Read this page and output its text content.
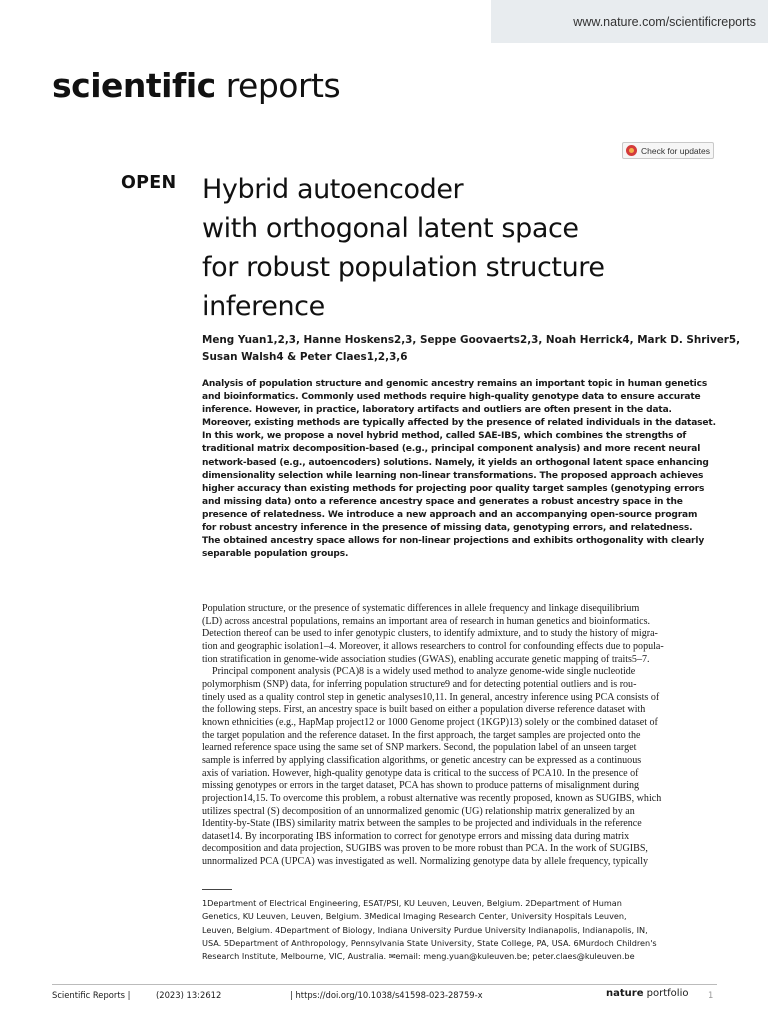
www.nature.com/scientificreports
scientific reports
Check for updates
OPEN Hybrid autoencoder
with orthogonal latent space
for robust population structure
inference
Meng Yuan1,2,3, Hanne Hoskens2,3, Seppe Goovaerts2,3, Noah Herrick4, Mark D. Shriver5,
Susan Walsh4 & Peter Claes1,2,3,6
Analysis of population structure and genomic ancestry remains an important topic in human genetics
and bioinformatics. Commonly used methods require high-quality genotype data to ensure accurate
inference. However, in practice, laboratory artifacts and outliers are often present in the data.
Moreover, existing methods are typically affected by the presence of related individuals in the dataset.
In this work, we propose a novel hybrid method, called SAE-IBS, which combines the strengths of
traditional matrix decomposition-based (e.g., principal component analysis) and more recent neural
network-based (e.g., autoencoders) solutions. Namely, it yields an orthogonal latent space enhancing
dimensionality selection while learning non-linear transformations. The proposed approach achieves
higher accuracy than existing methods for projecting poor quality target samples (genotyping errors
and missing data) onto a reference ancestry space and generates a robust ancestry space in the
presence of relatedness. We introduce a new approach and an accompanying open-source program
for robust ancestry inference in the presence of missing data, genotyping errors, and relatedness.
The obtained ancestry space allows for non-linear projections and exhibits orthogonality with clearly
separable population groups.
Population structure, or the presence of systematic differences in allele frequency and linkage disequilibrium
(LD) across ancestral populations, remains an important area of research in human genetics and bioinformatics.
Detection thereof can be used to infer genotypic clusters, to identify admixture, and to study the history of migra-
tion and geographic isolation1–4. Moreover, it allows researchers to control for confounding effects due to popula-
tion stratification in genome-wide association studies (GWAS), enabling accurate genetic mapping of traits5–7.
Principal component analysis (PCA)8 is a widely used method to analyze genome-wide single nucleotide
polymorphism (SNP) data, for inferring population structure9 and for detecting potential outliers and is rou-
tinely used as a quality control step in genetic analyses10,11. In general, ancestry inference using PCA consists of
the following steps. First, an ancestry space is built based on either a population diverse reference dataset with
known ethnicities (e.g., HapMap project12 or 1000 Genome project (1KGP)13) solely or the combined dataset of
the target population and the reference dataset. In the first approach, the target samples are projected onto the
learned reference space using the same set of SNP markers. Second, the population label of an unseen target
sample is inferred by applying classification algorithms, or genetic ancestry can be expressed as a continuous
axis of variation. However, high-quality genotype data is critical to the success of PCA10. In the presence of
missing genotypes or errors in the target dataset, PCA has shown to produce patterns of misalignment during
projection14,15. To overcome this problem, a robust alternative was recently proposed, known as SUGIBS, which
utilizes spectral (S) decomposition of an unnormalized genomic (UG) relationship matrix generalized by an
Identity-by-State (IBS) similarity matrix between the samples to be projected and individuals in the reference
dataset14. By incorporating IBS information to correct for genotype errors and missing data during matrix
decomposition and data projection, SUGIBS was proven to be more robust than PCA. In the work of SUGIBS,
unnormalized PCA (UPCA) was investigated as well. Normalizing genotype data by allele frequency, typically
1Department of Electrical Engineering, ESAT/PSI, KU Leuven, Leuven, Belgium. 2Department of Human
Genetics, KU Leuven, Leuven, Belgium. 3Medical Imaging Research Center, University Hospitals Leuven,
Leuven, Belgium. 4Department of Biology, Indiana University Purdue University Indianapolis, Indianapolis, IN,
USA. 5Department of Anthropology, Pennsylvania State University, State College, PA, USA. 6Murdoch Children's
Research Institute, Melbourne, VIC, Australia. ✉email: meng.yuan@kuleuven.be; peter.claes@kuleuven.be
Scientific Reports |	(2023) 13:2612	| https://doi.org/10.1038/s41598-023-28759-x	nature portfolio 1
